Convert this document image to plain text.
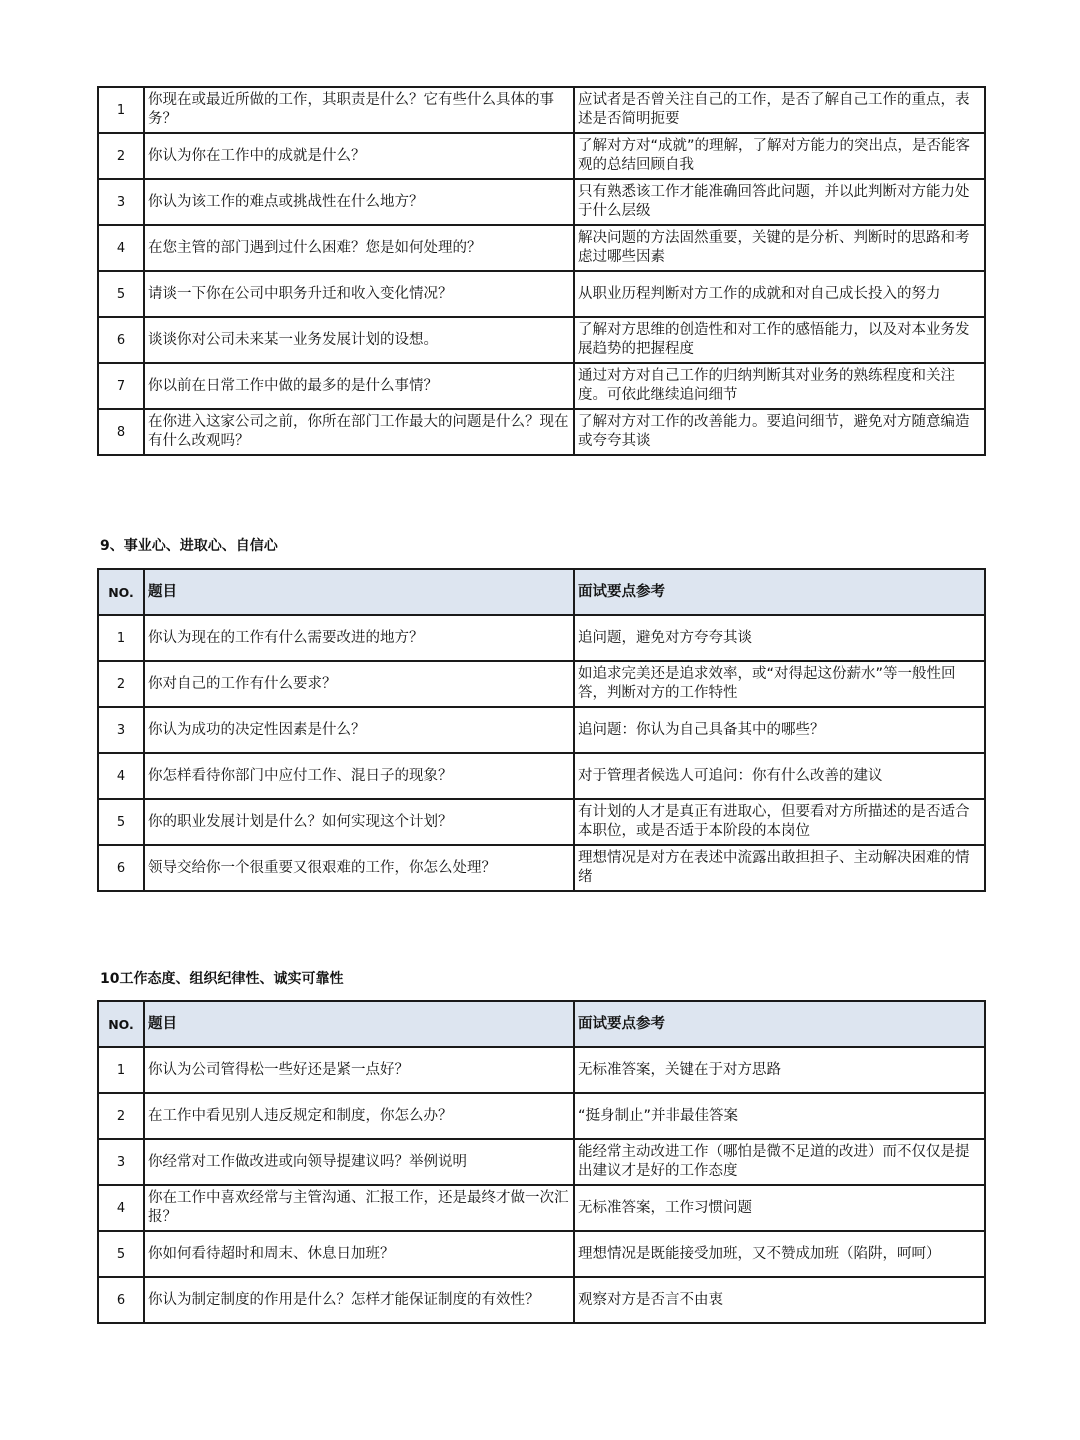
1	你现在或最近所做的工作，其职责是什么？它有些什么具体的事务？	应试者是否曾关注自己的工作，是否了解自己工作的重点，表述是否简明扼要
2	你认为你在工作中的成就是什么？	了解对方对“成就”的理解，了解对方能力的突出点，是否能客观的总结回顾自我
3	你认为该工作的难点或挑战性在什么地方？	只有熟悉该工作才能准确回答此问题，并以此判断对方能力处于什么层级
4	在您主管的部门遇到过什么困难？您是如何处理的？	解决问题的方法固然重要，关键的是分析、判断时的思路和考虑过哪些因素
5	请谈一下你在公司中职务升迁和收入变化情况？	从职业历程判断对方工作的成就和对自己成长投入的努力
6	谈谈你对公司未来某一业务发展计划的设想。	了解对方思维的创造性和对工作的感悟能力，以及对本业务发展趋势的把握程度
7	你以前在日常工作中做的最多的是什么事情？	通过对方对自己工作的归纳判断其对业务的熟练程度和关注度。可依此继续追问细节
8	在你进入这家公司之前，你所在部门工作最大的问题是什么？现在有什么改观吗？	了解对方对工作的改善能力。要追问细节，避免对方随意编造或夸夸其谈
9、事业心、进取心、自信心
NO.	题目	面试要点参考
1	你认为现在的工作有什么需要改进的地方？	追问题，避免对方夸夸其谈
2	你对自己的工作有什么要求？	如追求完美还是追求效率，或“对得起这份薪水”等一般性回答，判断对方的工作特性
3	你认为成功的决定性因素是什么？	追问题：你认为自己具备其中的哪些？
4	你怎样看待你部门中应付工作、混日子的现象？	对于管理者候选人可追问：你有什么改善的建议
5	你的职业发展计划是什么？如何实现这个计划？	有计划的人才是真正有进取心，但要看对方所描述的是否适合本职位，或是否适于本阶段的本岗位
6	领导交给你一个很重要又很艰难的工作，你怎么处理？	理想情况是对方在表述中流露出敢担担子、主动解决困难的情绪
10工作态度、组织纪律性、诚实可靠性
NO.	题目	面试要点参考
1	你认为公司管得松一些好还是紧一点好？	无标准答案，关键在于对方思路
2	在工作中看见别人违反规定和制度，你怎么办？	“挺身制止”并非最佳答案
3	你经常对工作做改进或向领导提建议吗？举例说明	能经常主动改进工作（哪怕是微不足道的改进）而不仅仅是提出建议才是好的工作态度
4	你在工作中喜欢经常与主管沟通、汇报工作，还是最终才做一次汇报？	无标准答案，工作习惯问题
5	你如何看待超时和周末、休息日加班？	理想情况是既能接受加班，又不赞成加班（陷阱，呵呵）
6	你认为制定制度的作用是什么？怎样才能保证制度的有效性？	观察对方是否言不由衷
